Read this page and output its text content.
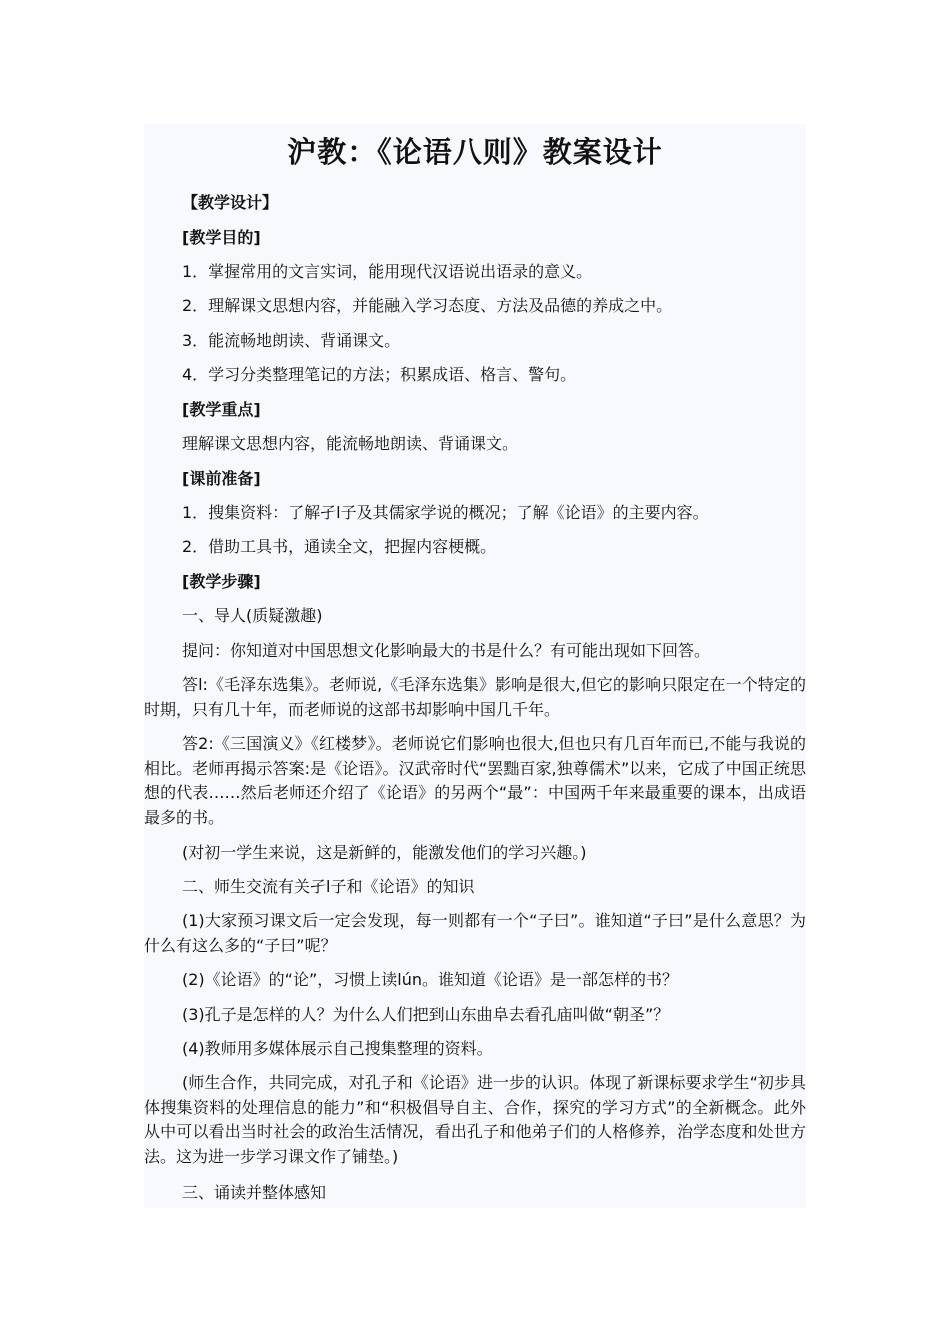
沪教：《论语八则》教案设计
【教学设计】
[教学目的]
1．掌握常用的文言实词，能用现代汉语说出语录的意义。
2．理解课文思想内容，并能融入学习态度、方法及品德的养成之中。
3．能流畅地朗读、背诵课文。
4．学习分类整理笔记的方法；积累成语、格言、警句。
[教学重点]
理解课文思想内容，能流畅地朗读、背诵课文。
[课前准备]
1．搜集资料：了解孑l子及其儒家学说的概况；了解《论语》的主要内容。
2．借助工具书，通读全文，把握内容梗概。
[教学步骤]
一、导人(质疑激趣)
提问：你知道对中国思想文化影响最大的书是什么？有可能出现如下回答。
答l:《毛泽东选集》。老师说,《毛泽东选集》影响是很大,但它的影响只限定在一个特定的时期，只有几十年，而老师说的这部书却影响中国几千年。
答2:《三国演义》《红楼梦》。老师说它们影响也很大,但也只有几百年而已,不能与我说的相比。老师再揭示答案:是《论语》。汉武帝时代“罢黜百家,独尊儒术”以来，它成了中国正统思想的代表……然后老师还介绍了《论语》的另两个“最”：中国两千年来最重要的课本，出成语最多的书。
(对初一学生来说，这是新鲜的，能激发他们的学习兴趣。)
二、师生交流有关孑l子和《论语》的知识
(1)大家预习课文后一定会发现，每一则都有一个“子曰”。谁知道“子曰”是什么意思？为什么有这么多的“子曰”呢？
(2)《论语》的“论”，习惯上读lún。谁知道《论语》是一部怎样的书？
(3)孔子是怎样的人？为什么人们把到山东曲阜去看孔庙叫做“朝圣”？
(4)教师用多媒体展示自己搜集整理的资料。
(师生合作，共同完成，对孔子和《论语》进一步的认识。体现了新课标要求学生“初步具体搜集资料的处理信息的能力”和“积极倡导自主、合作，探究的学习方式”的全新概念。此外从中可以看出当时社会的政治生活情况，看出孔子和他弟子们的人格修养，治学态度和处世方法。这为进一步学习课文作了铺垫。)
三、诵读并整体感知
